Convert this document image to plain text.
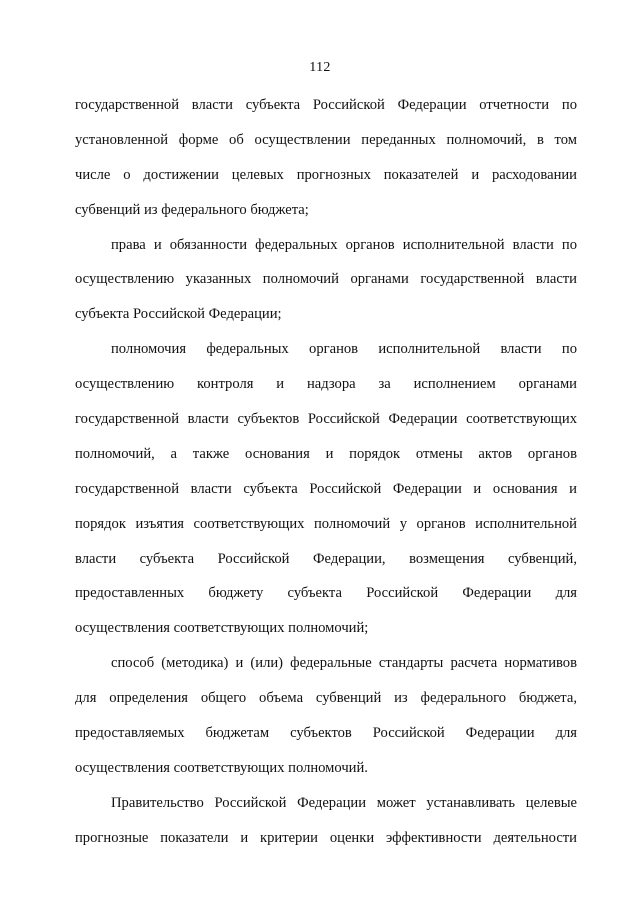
112
государственной власти субъекта Российской Федерации отчетности по
установленной форме об осуществлении переданных полномочий, в том
числе о достижении целевых прогнозных показателей и расходовании
субвенций из федерального бюджета;
права и обязанности федеральных органов исполнительной власти по
осуществлению указанных полномочий органами государственной власти
субъекта Российской Федерации;
полномочия федеральных органов исполнительной власти по
осуществлению контроля и надзора за исполнением органами
государственной власти субъектов Российской Федерации соответствующих
полномочий, а также основания и порядок отмены актов органов
государственной власти субъекта Российской Федерации и основания и
порядок изъятия соответствующих полномочий у органов исполнительной
власти субъекта Российской Федерации, возмещения субвенций,
предоставленных бюджету субъекта Российской Федерации для
осуществления соответствующих полномочий;
способ (методика) и (или) федеральные стандарты расчета нормативов
для определения общего объема субвенций из федерального бюджета,
предоставляемых бюджетам субъектов Российской Федерации для
осуществления соответствующих полномочий.
Правительство Российской Федерации может устанавливать целевые
прогнозные показатели и критерии оценки эффективности деятельности
